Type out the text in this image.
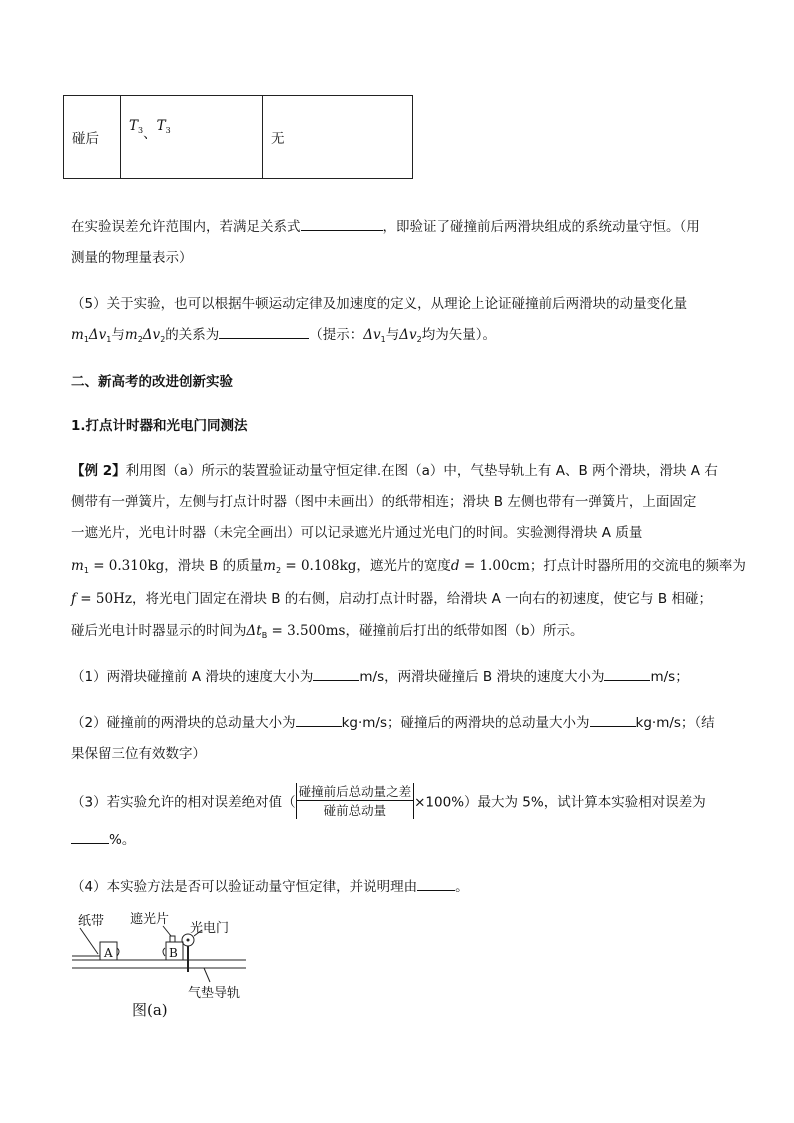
碰后	$T_3$、$T_3$	无
在实验误差允许范围内，若满足关系式	，即验证了碰撞前后两滑块组成的系统动量守恒。（用
测量的物理量表示）
（5）关于实验，也可以根据牛顿运动定律及加速度的定义，从理论上论证碰撞前后两滑块的动量变化量
$m_1\Delta v_1$与$m_2\Delta v_2$的关系为	（提示：$\Delta v_1$与$\Delta v_2$均为矢量）。
二、新高考的改进创新实验
1.打点计时器和光电门同测法
【例 2】利用图（a）所示的装置验证动量守恒定律.在图（a）中，气垫导轨上有 A、B 两个滑块，滑块 A 右
侧带有一弹簧片，左侧与打点计时器（图中未画出）的纸带相连；滑块 B 左侧也带有一弹簧片，上面固定
一遮光片，光电计时器（未完全画出）可以记录遮光片通过光电门的时间。实验测得滑块 A 质量
$m_1 = 0.310kg$，滑块 B 的质量$m_2 = 0.108kg$，遮光片的宽度d = 1.00cm；打点计时器所用的交流电的频率为
f = 50Hz，将光电门固定在滑块 B 的右侧，启动打点计时器，给滑块 A 一向右的初速度，使它与 B 相碰；
碰后光电计时器显示的时间为$\Delta t_B = 3.500ms$，碰撞前后打出的纸带如图（b）所示。
（1）两滑块碰撞前 A 滑块的速度大小为	m/s，两滑块碰撞后 B 滑块的速度大小为	m/s；
（2）碰撞前的两滑块的总动量大小为	kg·m/s；碰撞后的两滑块的总动量大小为	kg·m/s；（结
果保留三位有效数字）
（3）若实验允许的相对误差绝对值（ $\frac{\text{碰撞前后总动量之差}}{\text{碰前总动量}} \times 100\%$）最大为 5%，试计算本实验相对误差为
%。
（4）本实验方法是否可以验证动量守恒定律，并说明理由	。
纸带 遮光片
光电门
A	B
气垫导轨
图(a)
